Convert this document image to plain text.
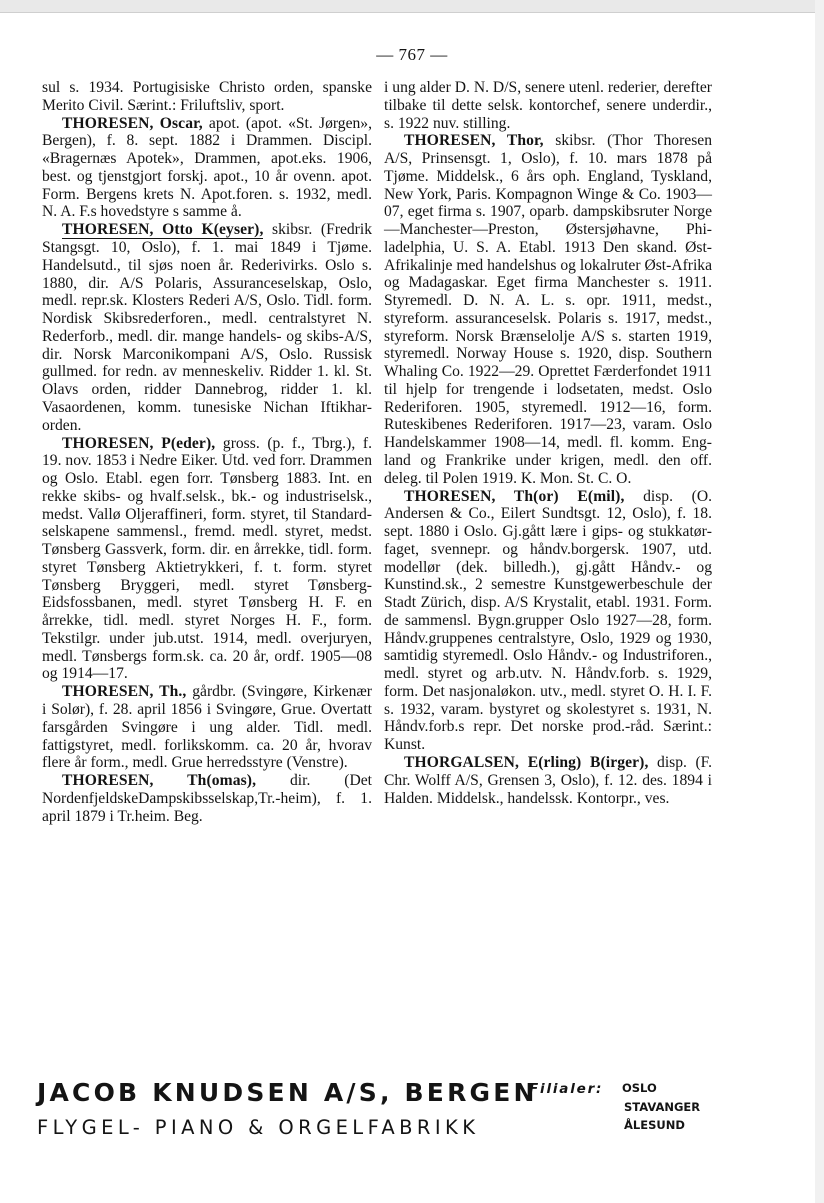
— 767 —

sul s. 1934. Portugisiske Christo orden, spanske Merito Civil. Særint.: Friluftsliv, sport.

THORESEN, Oscar, apot. (apot. «St. Jørgen», Bergen), f. 8. sept. 1882 i Drammen. Discipl. «Bragernæs Apotek», Drammen, apot.eks. 1906, best. og tjenstgjort forskj. apot., 10 år ovenn. apot. Form. Bergens krets N. Apot.foren. s. 1932, medl. N. A. F.s hovedstyre s samme å.

THORESEN, Otto K(eyser), skibsr. (Fredrik Stangsgt. 10, Oslo), f. 1. mai 1849 i Tjøme. Handelsutd., til sjøs noen år. Rederivirks. Oslo s. 1880, dir. A/S Polaris, Assuranceselskap, Oslo, medl. repr.sk. Klosters Rederi A/S, Oslo. Tidl. form. Nordisk Skibsrederforen., medl. centralstyret N. Rederforb., medl. dir. mange handels- og skibs-A/S, dir. Norsk Marconikompani A/S, Oslo. Russisk gullmed. for redn. av menneskeliv. Ridder 1. kl. St. Olavs orden, ridder Dannebrog, ridder 1. kl. Vasaordenen, komm. tunesiske Nichan Iftikhar-orden.

THORESEN, P(eder), gross. (p. f., Tbrg.), f. 19. nov. 1853 i Nedre Eiker. Utd. ved forr. Drammen og Oslo. Etabl. egen forr. Tønsberg 1883. Int. en rekke skibs- og hvalf.selsk., bk.- og industriselsk., medst. Vallø Oljeraffineri, form. styret, til Standardselskapene sammensl., fremd. medl. styret, medst. Tønsberg Gassverk, form. dir. en årrekke, tidl. form. styret Tønsberg Aktietrykkeri, f. t. form. styret Tønsberg Bryggeri, medl. styret Tønsberg-Eidsfossbanen, medl. styret Tønsberg H. F. en årrekke, tidl. medl. styret Norges H. F., form. Tekstilgr. under jub.utst. 1914, medl. overjuryen, medl. Tønsbergs form.sk. ca. 20 år, ordf. 1905—08 og 1914—17.

THORESEN, Th., gårdbr. (Svingøre, Kirkenær i Solør), f. 28. april 1856 i Svingøre, Grue. Overtatt farsgården Svingøre i ung alder. Tidl. medl. fattigstyret, medl. forlikskomm. ca. 20 år, hvorav flere år form., medl. Grue herredsstyre (Venstre).

THORESEN, Th(omas), dir. (Det NordenfjeldskeDampskibsselskap,Tr.-heim), f. 1. april 1879 i Tr.heim. Beg.

i ung alder D. N. D/S, senere utenl. rederier, derefter tilbake til dette selsk. kontorchef, senere underdir., s. 1922 nuv. stilling.

THORESEN, Thor, skibsr. (Thor Thoresen A/S, Prinsensgt. 1, Oslo), f. 10. mars 1878 på Tjøme. Middelsk., 6 års oph. England, Tyskland, New York, Paris. Kompagnon Winge & Co. 1903—07, eget firma s. 1907, oparb. dampskibsruter Norge—Manchester—Preston, Østersjøhavne, Philadelphia, U. S. A. Etabl. 1913 Den skand. Øst-Afrikalinje med handelshus og lokalruter Øst-Afrika og Madagaskar. Eget firma Manchester s. 1911. Styremedl. D. N. A. L. s. opr. 1911, medst., styreform. assuranceselsk. Polaris s. 1917, medst., styreform. Norsk Brænselolje A/S s. starten 1919, styremedl. Norway House s. 1920, disp. Southern Whaling Co. 1922—29. Oprettet Færderfondet 1911 til hjelp for trengende i lodsetaten, medst. Oslo Rederiforen. 1905, styremedl. 1912—16, form. Ruteskibenes Rederiforen. 1917—23, varam. Oslo Handelskammer 1908—14, medl. fl. komm. England og Frankrike under krigen, medl. den off. deleg. til Polen 1919. K. Mon. St. C. O.

THORESEN, Th(or) E(mil), disp. (O. Andersen & Co., Eilert Sundtsgt. 12, Oslo), f. 18. sept. 1880 i Oslo. Gj.gått lære i gips- og stukkatørfaget, svennepr. og håndv.borgersk. 1907, utd. modellør (dek. billedh.), gj.gått Håndv.- og Kunstind.sk., 2 semestre Kunstgewerbeschule der Stadt Zürich, disp. A/S Krystalit, etabl. 1931. Form. de sammensl. Bygn.grupper Oslo 1927—28, form. Håndv.gruppenes centralstyre, Oslo, 1929 og 1930, samtidig styremedl. Oslo Håndv.- og Industriforen., medl. styret og arb.utv. N. Håndv.forb. s. 1929, form. Det nasjonaløkon. utv., medl. styret O. H. I. F. s. 1932, varam. bystyret og skolestyret s. 1931, N. Håndv.forb.s repr. Det norske prod.-råd. Særint.: Kunst.

THORGALSEN, E(rling) B(irger), disp. (F. Chr. Wolff A/S, Grensen 3, Oslo), f. 12. des. 1894 i Halden. Middelsk., handelssk. Kontorpr., ves.

JACOB KNUDSEN A/S, BERGEN
FLYGEL- PIANO & ORGELFABRIKK
Filialer: OSLO
STAVANGER
ÅLESUND
